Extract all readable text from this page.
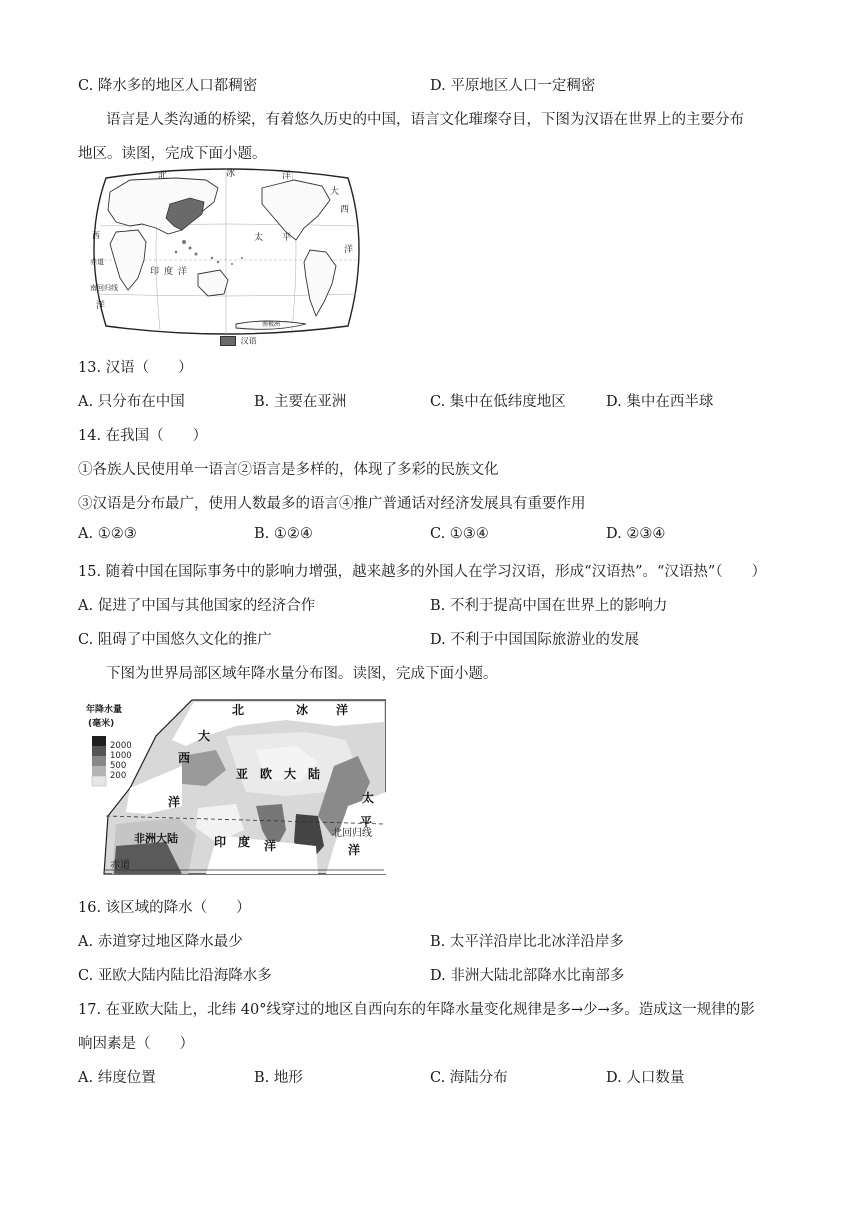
C. 降水多的地区人口都稠密	D. 平原地区人口一定稠密
语言是人类沟通的桥梁，有着悠久历史的中国，语言文化璀璨夺目，下图为汉语在世界上的主要分布
地区。读图，完成下面小题。
北	冰	洋
大
西
西	太 平
洋
印 度 洋
赤道
南回归线
洋
南极洲
汉语
13. 汉语（　　）
A. 只分布在中国	B. 主要在亚洲	C. 集中在低纬度地区	D. 集中在西半球
14. 在我国（　　）
①各族人民使用单一语言②语言是多样的，体现了多彩的民族文化
③汉语是分布最广，使用人数最多的语言④推广普通话对经济发展具有重要作用
A. ①②③	B. ①②④	C. ①③④	D. ②③④
15. 随着中国在国际事务中的影响力增强，越来越多的外国人在学习汉语，形成“汉语热”。“汉语热”（　　）
A. 促进了中国与其他国家的经济合作	B. 不利于提高中国在世界上的影响力
C. 阻碍了中国悠久文化的推广	D. 不利于中国国际旅游业的发展
下图为世界局部区域年降水量分布图。读图，完成下面小题。
年降水量
(毫米)
2000
1000
500
200
北	冰 洋
大
西
洋
亚　欧　大　陆
太
平
洋
非洲大陆	印　度 洋
北回归线
赤道
16. 该区域的降水（　　）
A. 赤道穿过地区降水最少	B. 太平洋沿岸比北冰洋沿岸多
C. 亚欧大陆内陆比沿海降水多	D. 非洲大陆北部降水比南部多
17. 在亚欧大陆上，北纬 40°线穿过的地区自西向东的年降水量变化规律是多→少→多。造成这一规律的影
响因素是（　　）
A. 纬度位置	B. 地形	C. 海陆分布	D. 人口数量
